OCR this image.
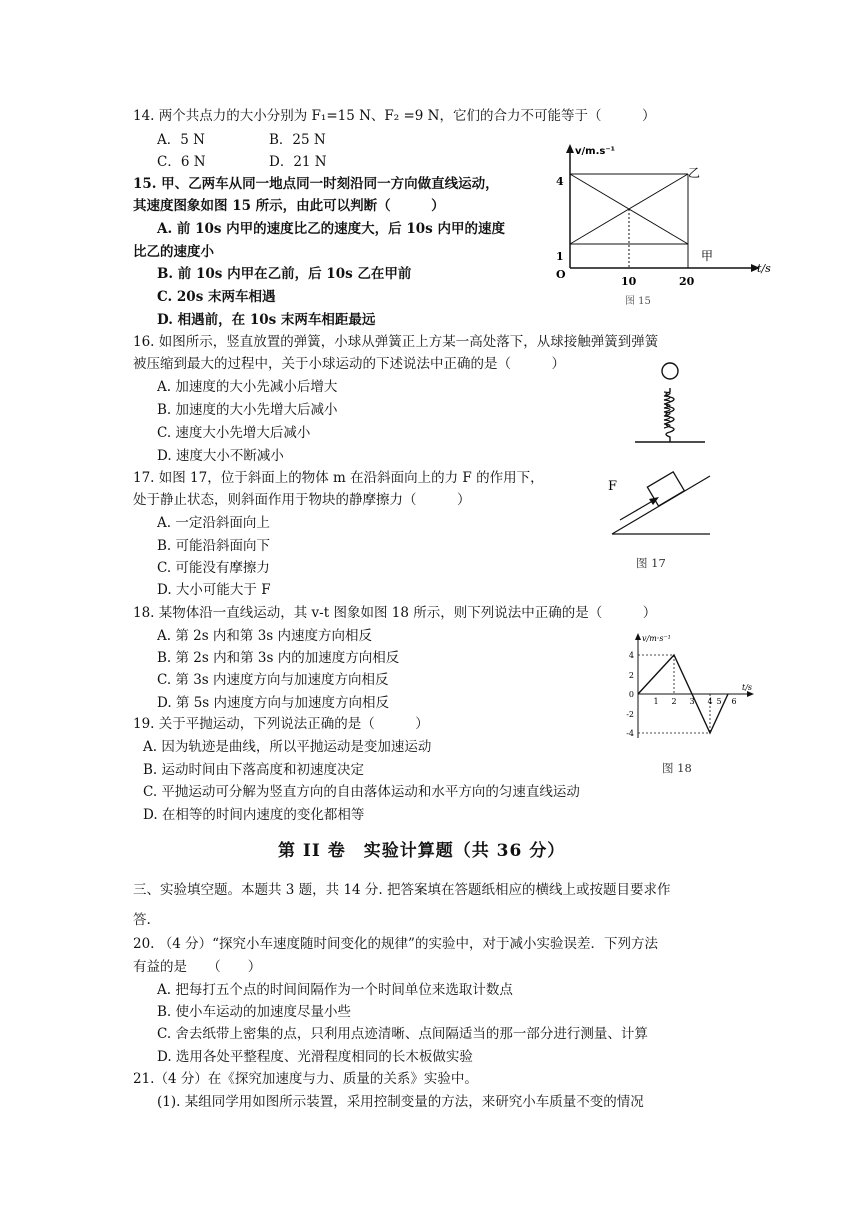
14. 两个共点力的大小分别为 F₁=15 N、F₂ =9 N，它们的合力不可能等于（　　　）
A．5 N	B．25 N
C．6 N	D．21 N
15. 甲、乙两车从同一地点同一时刻沿同一方向做直线运动，
其速度图象如图 15 所示，由此可以判断（　　　）
A. 前 10s 内甲的速度比乙的速度大，后 10s 内甲的速度
比乙的速度小
B. 前 10s 内甲在乙前，后 10s 乙在甲前
C. 20s 末两车相遇
D. 相遇前，在 10s 末两车相距最远
v/m.s⁻¹
t/s
4
1
O
10	20
乙
甲
图 15
16. 如图所示，竖直放置的弹簧，小球从弹簧正上方某一高处落下，从球接触弹簧到弹簧
被压缩到最大的过程中，关于小球运动的下述说法中正确的是（　　　）
A. 加速度的大小先减小后增大
B. 加速度的大小先增大后减小
C. 速度大小先增大后减小
D. 速度大小不断减小
17. 如图 17，位于斜面上的物体 m 在沿斜面向上的力 F 的作用下，
处于静止状态，则斜面作用于物块的静摩擦力（　　　）
A. 一定沿斜面向上
B. 可能沿斜面向下
C. 可能没有摩擦力
D. 大小可能大于 F
F
图 17
18. 某物体沿一直线运动，其 v-t 图象如图 18 所示，则下列说法中正确的是（　　　）
A. 第 2s 内和第 3s 内速度方向相反
B. 第 2s 内和第 3s 内的加速度方向相反
C. 第 3s 内速度方向与加速度方向相反
D. 第 5s 内速度方向与加速度方向相反
v/m·s⁻¹
t/s
4
2
0
-2
-4
1 2 3 4 5 6
图 18
19. 关于平抛运动，下列说法正确的是（　　　）
A. 因为轨迹是曲线，所以平抛运动是变加速运动
B. 运动时间由下落高度和初速度决定
C. 平抛运动可分解为竖直方向的自由落体运动和水平方向的匀速直线运动
D. 在相等的时间内速度的变化都相等
第 II 卷　实验计算题（共 36 分）
三、实验填空题。本题共 3 题，共 14 分. 把答案填在答题纸相应的横线上或按题目要求作
答.
20. （4 分）“探究小车速度随时间变化的规律”的实验中，对于减小实验误差．下列方法
有益的是　　（　　）
A. 把每打五个点的时间间隔作为一个时间单位来选取计数点
B. 使小车运动的加速度尽量小些
C. 舍去纸带上密集的点，只利用点迹清晰、点间隔适当的那一部分进行测量、计算
D. 选用各处平整程度、光滑程度相同的长木板做实验
21.（4 分）在《探究加速度与力、质量的关系》实验中。
(1). 某组同学用如图所示装置，采用控制变量的方法，来研究小车质量不变的情况
